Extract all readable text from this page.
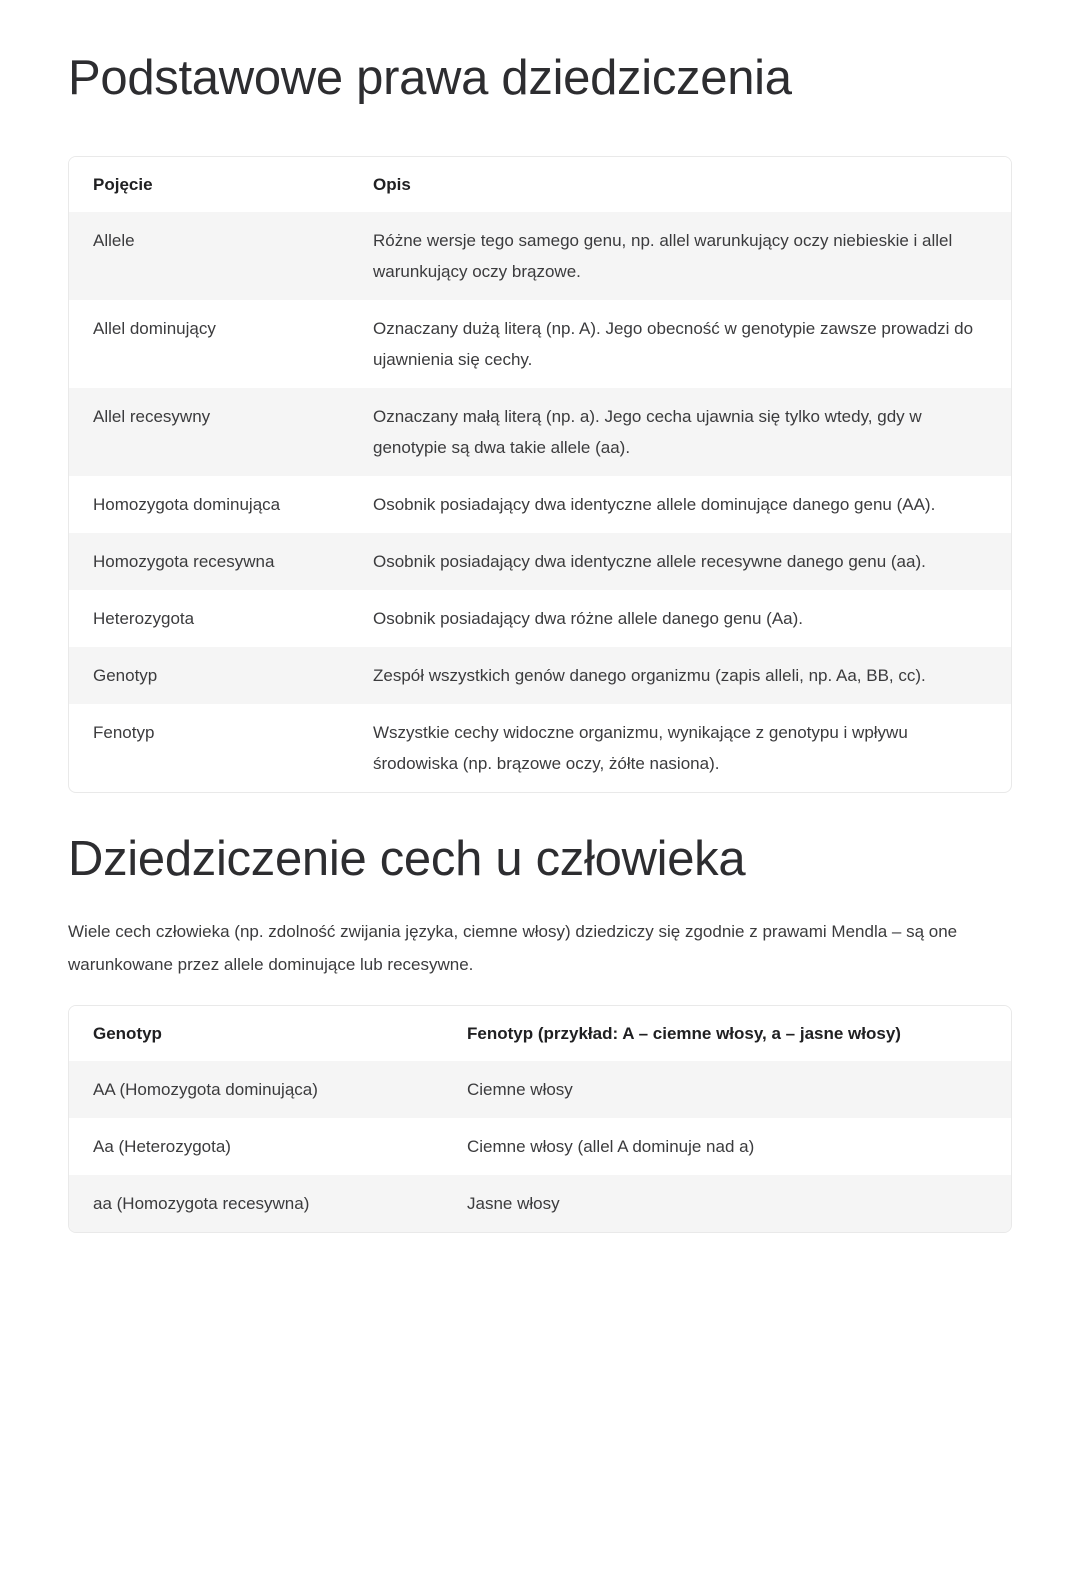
Podstawowe prawa dziedziczenia
Pojęcie	Opis
Allele	Różne wersje tego samego genu, np. allel warunkujący oczy niebieskie i allel warunkujący oczy brązowe.
Allel dominujący	Oznaczany dużą literą (np. A). Jego obecność w genotypie zawsze prowadzi do ujawnienia się cechy.
Allel recesywny	Oznaczany małą literą (np. a). Jego cecha ujawnia się tylko wtedy, gdy w genotypie są dwa takie allele (aa).
Homozygota dominująca	Osobnik posiadający dwa identyczne allele dominujące danego genu (AA).
Homozygota recesywna	Osobnik posiadający dwa identyczne allele recesywne danego genu (aa).
Heterozygota	Osobnik posiadający dwa różne allele danego genu (Aa).
Genotyp	Zespół wszystkich genów danego organizmu (zapis alleli, np. Aa, BB, cc).
Fenotyp	Wszystkie cechy widoczne organizmu, wynikające z genotypu i wpływu środowiska (np. brązowe oczy, żółte nasiona).
Dziedziczenie cech u człowieka

Wiele cech człowieka (np. zdolność zwijania języka, ciemne włosy) dziedziczy się zgodnie z prawami Mendla – są one warunkowane przez allele dominujące lub recesywne.

Genotyp	Fenotyp (przykład: A – ciemne włosy, a – jasne włosy)
AA (Homozygota dominująca)	Ciemne włosy
Aa (Heterozygota)	Ciemne włosy (allel A dominuje nad a)
aa (Homozygota recesywna)	Jasne włosy
